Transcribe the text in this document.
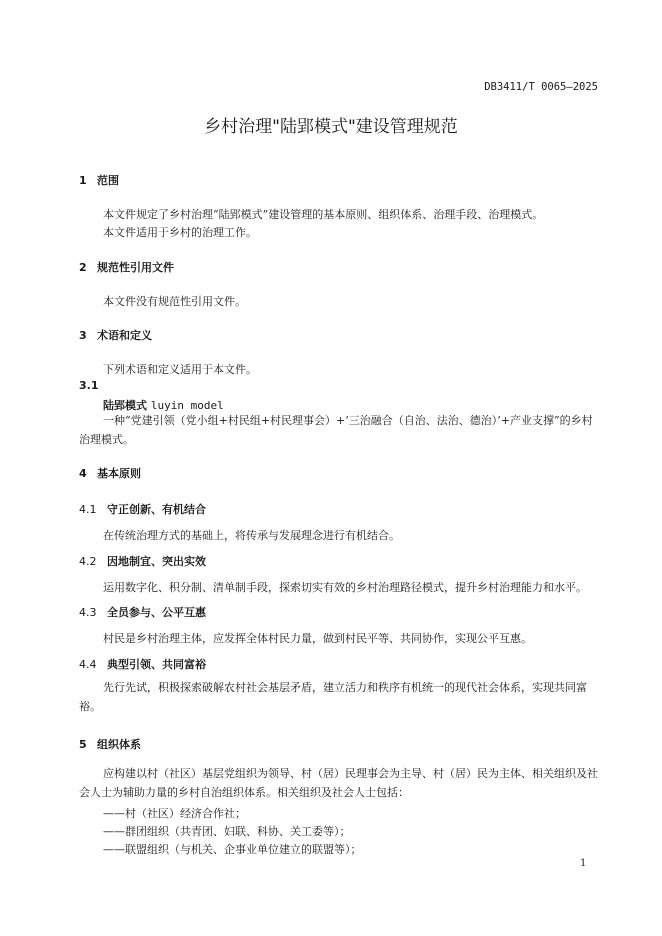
DB3411/T 0065—2025
乡村治理"陆郢模式"建设管理规范
1 范围
本文件规定了乡村治理“陆郢模式”建设管理的基本原则、组织体系、治理手段、治理模式。
本文件适用于乡村的治理工作。
2 规范性引用文件
本文件没有规范性引用文件。
3 术语和定义
下列术语和定义适用于本文件。
3.1
陆郢模式 luyin model
一种“党建引领（党小组+村民组+村民理事会）+‘三治融合（自治、法治、德治）’+产业支撑”的乡村治理模式。
4 基本原则
4.1 守正创新、有机结合
在传统治理方式的基础上，将传承与发展理念进行有机结合。
4.2 因地制宜、突出实效
运用数字化、积分制、清单制手段，探索切实有效的乡村治理路径模式，提升乡村治理能力和水平。
4.3 全员参与、公平互惠
村民是乡村治理主体，应发挥全体村民力量，做到村民平等、共同协作，实现公平互惠。
4.4 典型引领、共同富裕
先行先试，积极探索破解农村社会基层矛盾，建立活力和秩序有机统一的现代社会体系，实现共同富裕。
5 组织体系
应构建以村（社区）基层党组织为领导、村（居）民理事会为主导、村（居）民为主体、相关组织及社会人士为辅助力量的乡村自治组织体系。相关组织及社会人士包括：
——村（社区）经济合作社；
——群团组织（共青团、妇联、科协、关工委等）；
——联盟组织（与机关、企事业单位建立的联盟等）；
1
